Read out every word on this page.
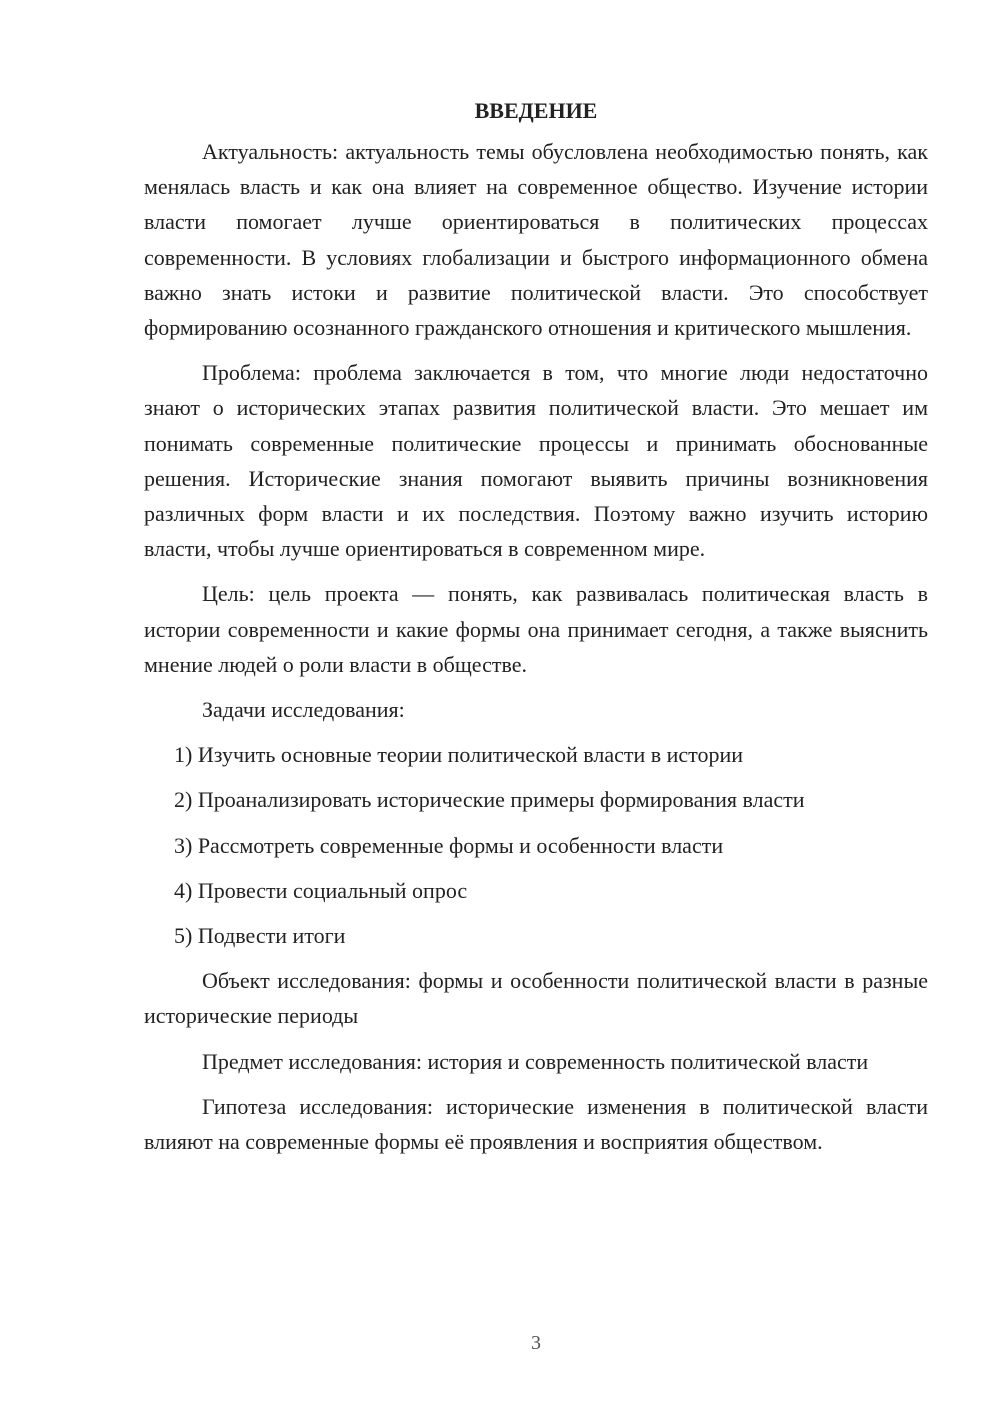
ВВЕДЕНИЕ

Актуальность: актуальность темы обусловлена необходимостью понять, как менялась власть и как она влияет на современное общество. Изучение истории власти помогает лучше ориентироваться в политических процессах современности. В условиях глобализации и быстрого информационного обмена важно знать истоки и развитие политической власти. Это способствует формированию осознанного гражданского отношения и критического мышления.

Проблема: проблема заключается в том, что многие люди недостаточно знают о исторических этапах развития политической власти. Это мешает им понимать современные политические процессы и принимать обоснованные решения. Исторические знания помогают выявить причины возникновения различных форм власти и их последствия. Поэтому важно изучить историю власти, чтобы лучше ориентироваться в современном мире.

Цель: цель проекта — понять, как развивалась политическая власть в истории современности и какие формы она принимает сегодня, а также выяснить мнение людей о роли власти в обществе.

Задачи исследования:

1) Изучить основные теории политической власти в истории
2) Проанализировать исторические примеры формирования власти
3) Рассмотреть современные формы и особенности власти
4) Провести социальный опрос
5) Подвести итоги

Объект исследования: формы и особенности политической власти в разные исторические периоды

Предмет исследования: история и современность политической власти

Гипотеза исследования: исторические изменения в политической власти влияют на современные формы её проявления и восприятия обществом.

3
